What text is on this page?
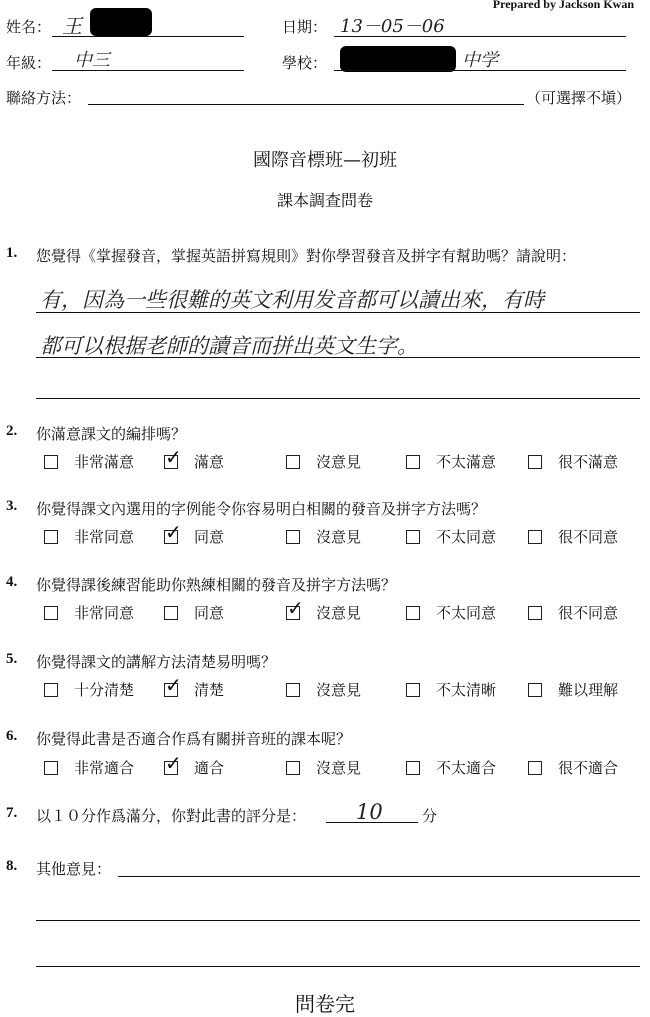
Prepared by Jackson Kwan
姓名： 王	日期： 13－05－06
年級： 中三	學校：	中学
聯絡方法：	（可選擇不塡）
國際音標班—初班
課本調查問卷
1. 您覺得《掌握發音，掌握英語拼寫規則》對你學習發音及拼字有幫助嗎？請說明：
有，因為一些很難的英文利用发音都可以讀出來，有時
都可以根据老師的讀音而拼出英文生字。
2. 你滿意課文的編排嗎？
非常滿意 ✓ 滿意	沒意見	不太滿意	很不滿意
3. 你覺得課文內選用的字例能令你容易明白相關的發音及拼字方法嗎？
非常同意 ✓ 同意	沒意見	不太同意	很不同意
4. 你覺得課後練習能助你熟練相關的發音及拼字方法嗎？
非常同意	同意	✓ 沒意見	不太同意	很不同意
5. 你覺得課文的講解方法清楚易明嗎？
十分清楚 ✓ 清楚	沒意見	不太清晰	難以理解
6. 你覺得此書是否適合作爲有關拼音班的課本呢？
非常適合 ✓ 適合	沒意見	不太適合	很不適合
7. 以１０分作爲滿分，你對此書的評分是： 10	分
8. 其他意見：
問卷完
